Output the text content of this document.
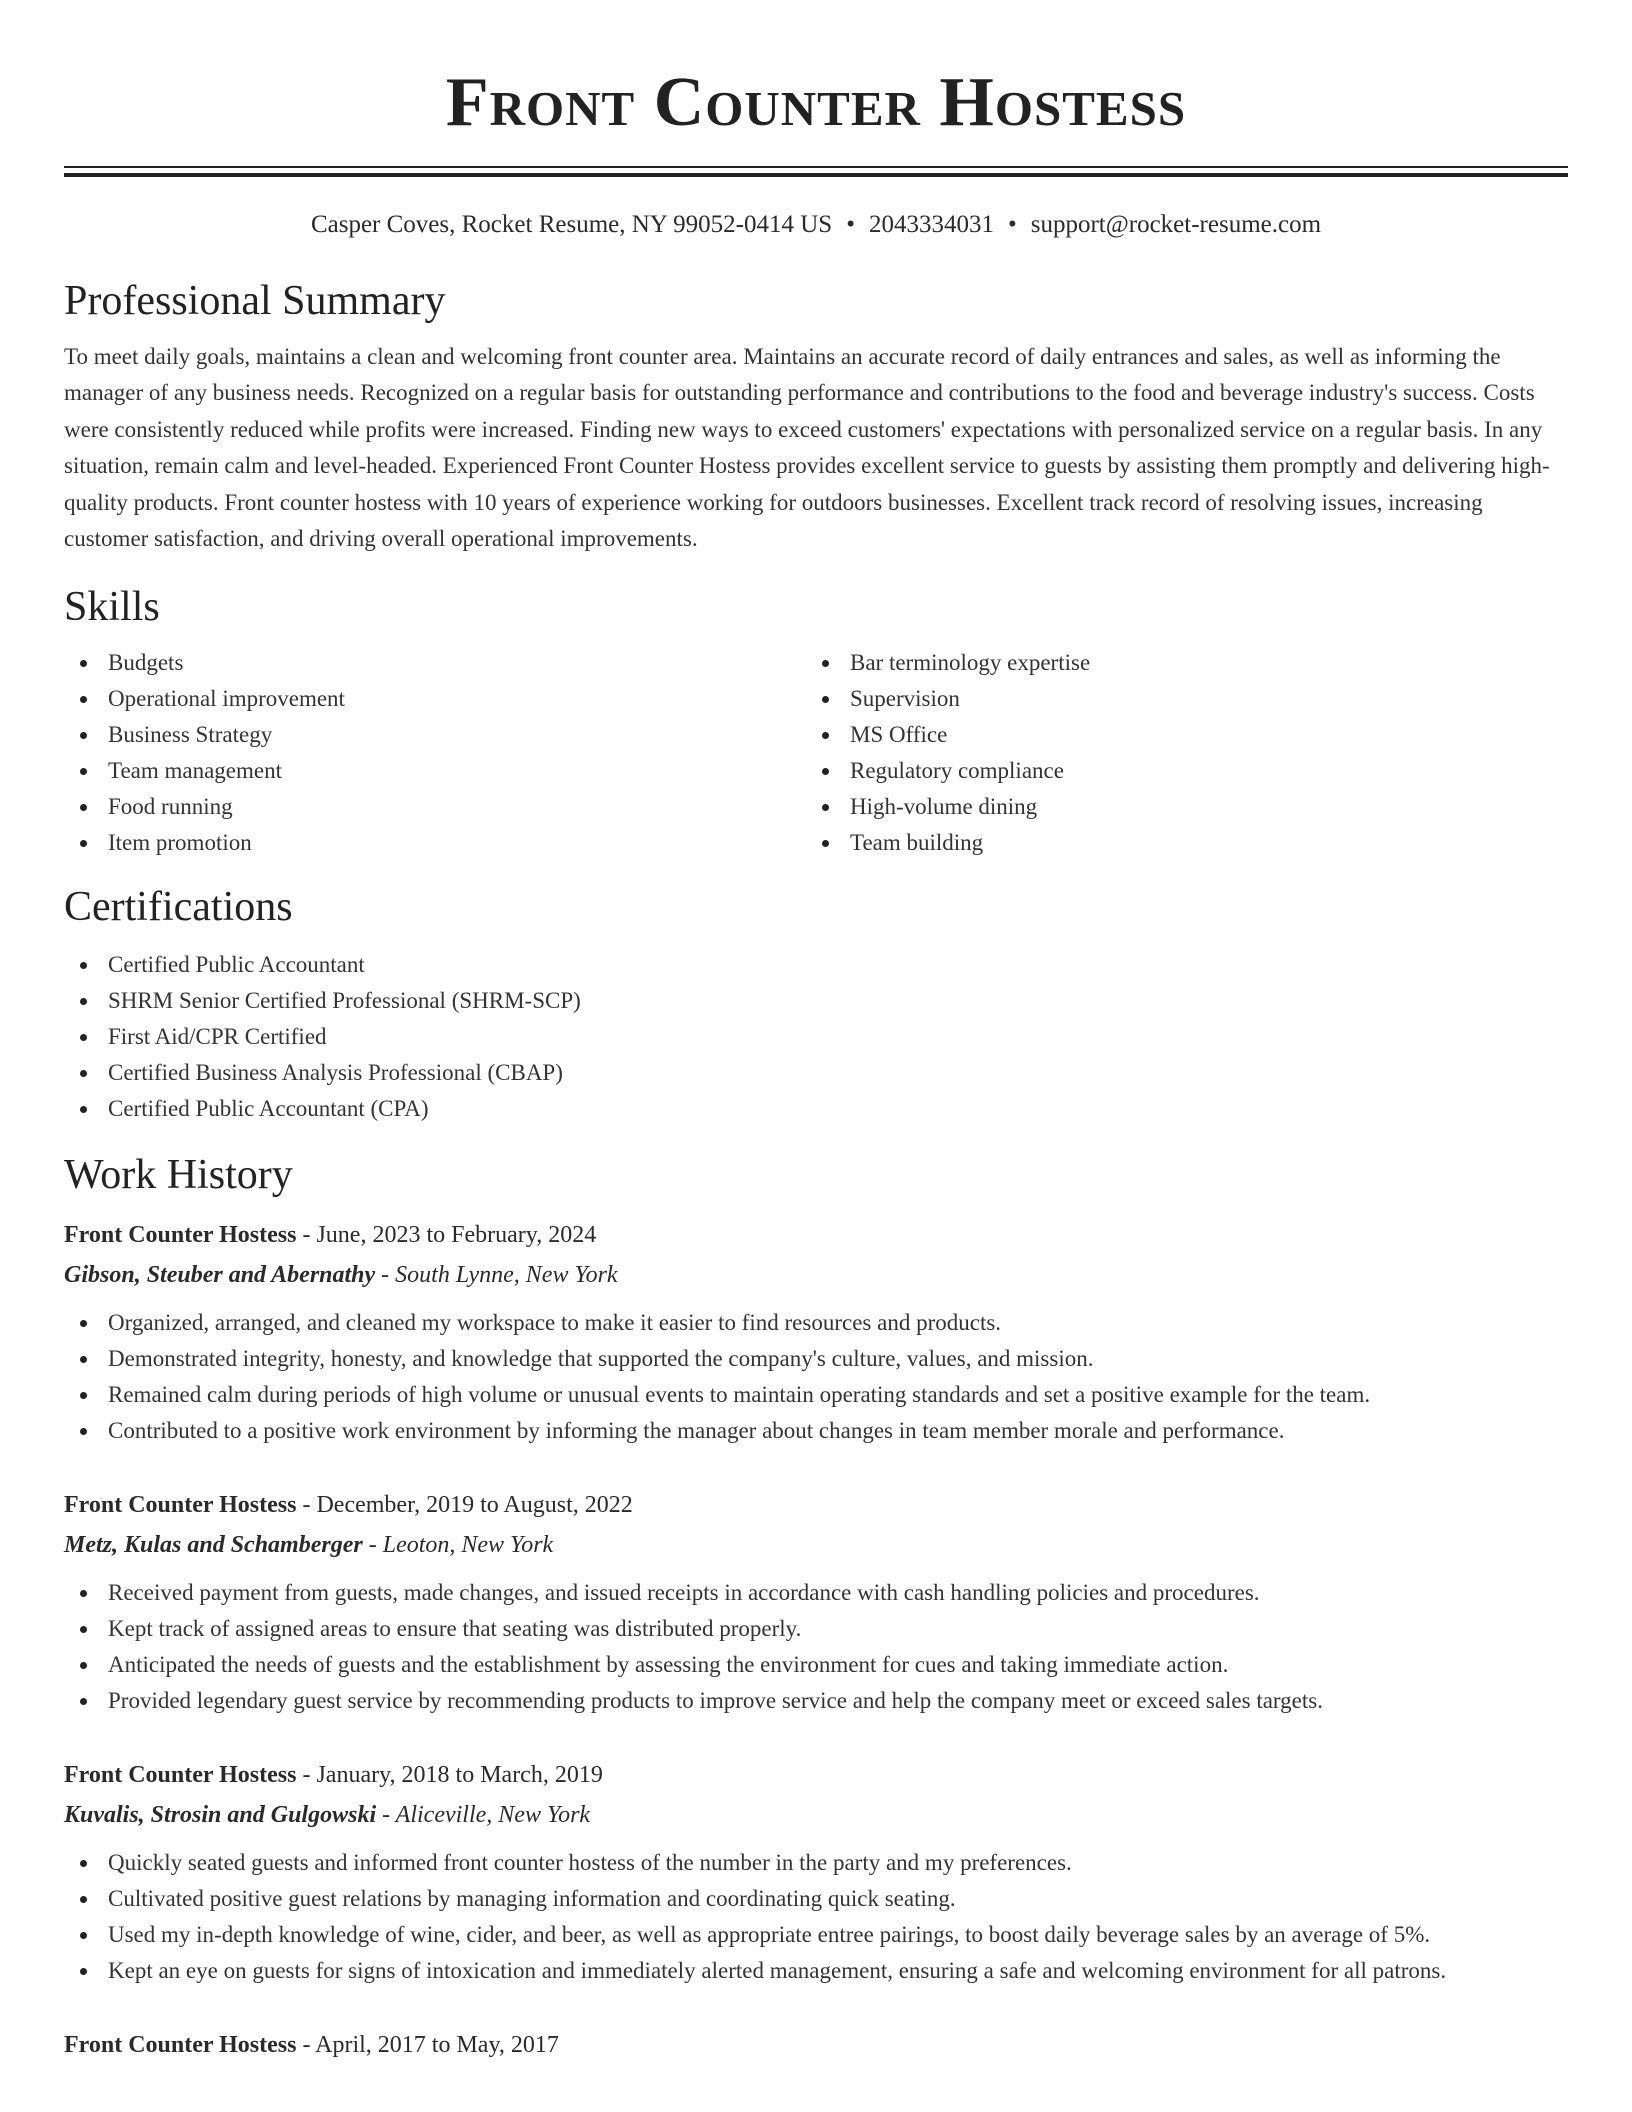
Front Counter Hostess
Casper Coves, Rocket Resume, NY 99052-0414 US • 2043334031 • support@rocket-resume.com
Professional Summary

To meet daily goals, maintains a clean and welcoming front counter area. Maintains an accurate record of daily entrances and sales, as well as informing the manager of any business needs. Recognized on a regular basis for outstanding performance and contributions to the food and beverage industry's success. Costs were consistently reduced while profits were increased. Finding new ways to exceed customers' expectations with personalized service on a regular basis. In any situation, remain calm and level-headed. Experienced Front Counter Hostess provides excellent service to guests by assisting them promptly and delivering high-quality products. Front counter hostess with 10 years of experience working for outdoors businesses. Excellent track record of resolving issues, increasing customer satisfaction, and driving overall operational improvements.

Skills
Budgets
Operational improvement
Business Strategy
Team management
Food running
Item promotion
Bar terminology expertise
Supervision
MS Office
Regulatory compliance
High-volume dining
Team building
Certifications
Certified Public Accountant
SHRM Senior Certified Professional (SHRM-SCP)
First Aid/CPR Certified
Certified Business Analysis Professional (CBAP)
Certified Public Accountant (CPA)
Work History
Front Counter Hostess - June, 2023 to February, 2024
Gibson, Steuber and Abernathy - South Lynne, New York
Organized, arranged, and cleaned my workspace to make it easier to find resources and products.
Demonstrated integrity, honesty, and knowledge that supported the company's culture, values, and mission.
Remained calm during periods of high volume or unusual events to maintain operating standards and set a positive example for the team.
Contributed to a positive work environment by informing the manager about changes in team member morale and performance.
Front Counter Hostess - December, 2019 to August, 2022
Metz, Kulas and Schamberger - Leoton, New York
Received payment from guests, made changes, and issued receipts in accordance with cash handling policies and procedures.
Kept track of assigned areas to ensure that seating was distributed properly.
Anticipated the needs of guests and the establishment by assessing the environment for cues and taking immediate action.
Provided legendary guest service by recommending products to improve service and help the company meet or exceed sales targets.
Front Counter Hostess - January, 2018 to March, 2019
Kuvalis, Strosin and Gulgowski - Aliceville, New York
Quickly seated guests and informed front counter hostess of the number in the party and my preferences.
Cultivated positive guest relations by managing information and coordinating quick seating.
Used my in-depth knowledge of wine, cider, and beer, as well as appropriate entree pairings, to boost daily beverage sales by an average of 5%.
Kept an eye on guests for signs of intoxication and immediately alerted management, ensuring a safe and welcoming environment for all patrons.
Front Counter Hostess - April, 2017 to May, 2017
